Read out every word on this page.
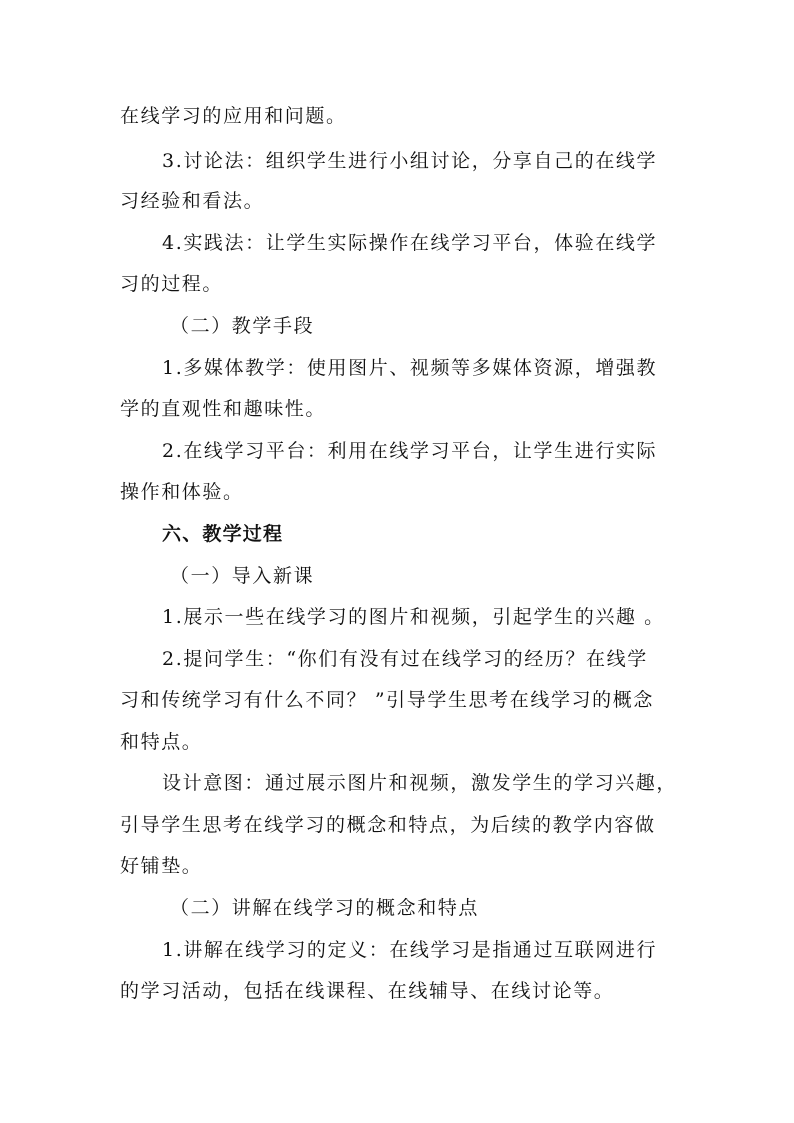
在线学习的应用和问题。
3.讨论法：组织学生进行小组讨论，分享自己的在线学
习经验和看法。
4.实践法：让学生实际操作在线学习平台，体验在线学
习的过程。
（二）教学手段
1.多媒体教学：使用图片、视频等多媒体资源，增强教
学的直观性和趣味性。
2.在线学习平台：利用在线学习平台，让学生进行实际
操作和体验。
六、教学过程
（一）导入新课
1.展示一些在线学习的图片和视频，引起学生的兴趣 。
2.提问学生：“你们有没有过在线学习的经历？在线学
习和传统学习有什么不同？ ”引导学生思考在线学习的概念
和特点。
设计意图：通过展示图片和视频，激发学生的学习兴趣，
引导学生思考在线学习的概念和特点，为后续的教学内容做
好铺垫。
（二）讲解在线学习的概念和特点
1.讲解在线学习的定义：在线学习是指通过互联网进行
的学习活动，包括在线课程、在线辅导、在线讨论等。
